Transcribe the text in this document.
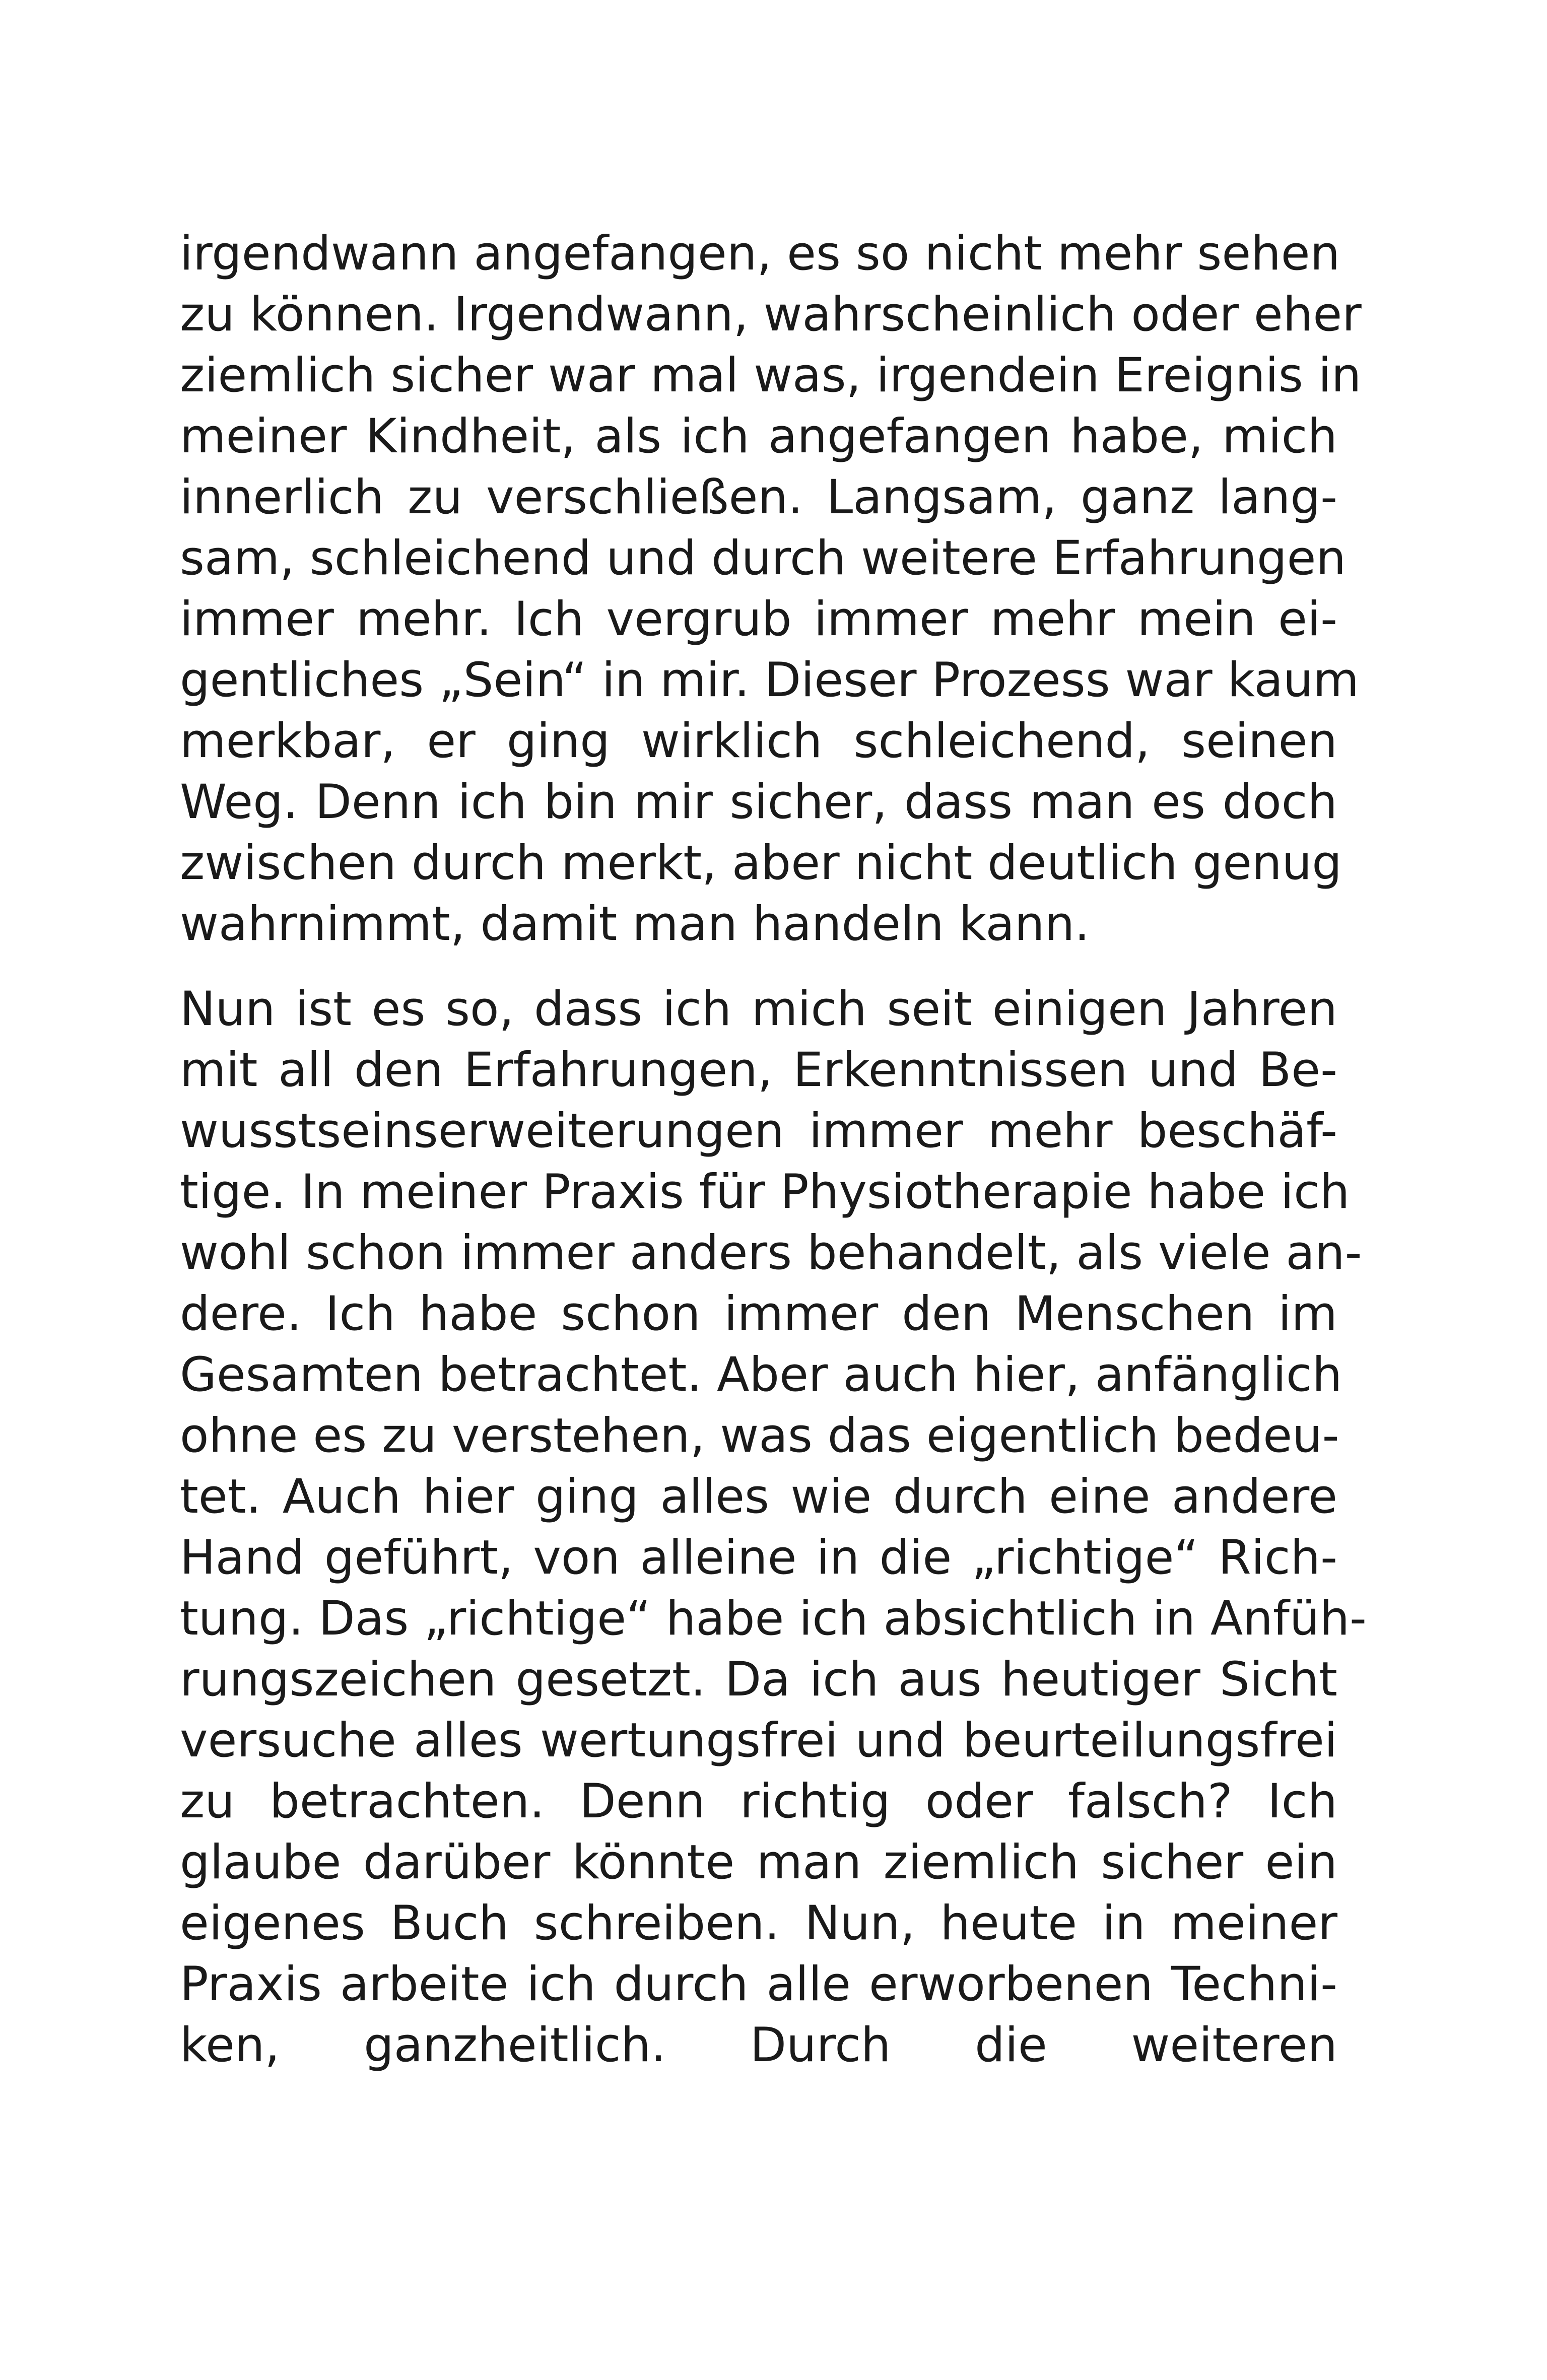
irgendwann angefangen, es so nicht mehr sehen
zu können. Irgendwann, wahrscheinlich oder eher
ziemlich sicher war mal was, irgendein Ereignis in
meiner Kindheit, als ich angefangen habe, mich
innerlich zu verschließen. Langsam, ganz lang-
sam, schleichend und durch weitere Erfahrungen
immer mehr. Ich vergrub immer mehr mein ei-
gentliches „Sein“ in mir. Dieser Prozess war kaum
merkbar, er ging wirklich schleichend, seinen
Weg. Denn ich bin mir sicher, dass man es doch
zwischen durch merkt, aber nicht deutlich genug
wahrnimmt, damit man handeln kann.
Nun ist es so, dass ich mich seit einigen Jahren
mit all den Erfahrungen, Erkenntnissen und Be-
wusstseinserweiterungen immer mehr beschäf-
tige. In meiner Praxis für Physiotherapie habe ich
wohl schon immer anders behandelt, als viele an-
dere. Ich habe schon immer den Menschen im
Gesamten betrachtet. Aber auch hier, anfänglich
ohne es zu verstehen, was das eigentlich bedeu-
tet. Auch hier ging alles wie durch eine andere
Hand geführt, von alleine in die „richtige“ Rich-
tung. Das „richtige“ habe ich absichtlich in Anfüh-
rungszeichen gesetzt. Da ich aus heutiger Sicht
versuche alles wertungsfrei und beurteilungsfrei
zu betrachten. Denn richtig oder falsch? Ich
glaube darüber könnte man ziemlich sicher ein
eigenes Buch schreiben. Nun, heute in meiner
Praxis arbeite ich durch alle erworbenen Techni-
ken, ganzheitlich. Durch die weiteren
